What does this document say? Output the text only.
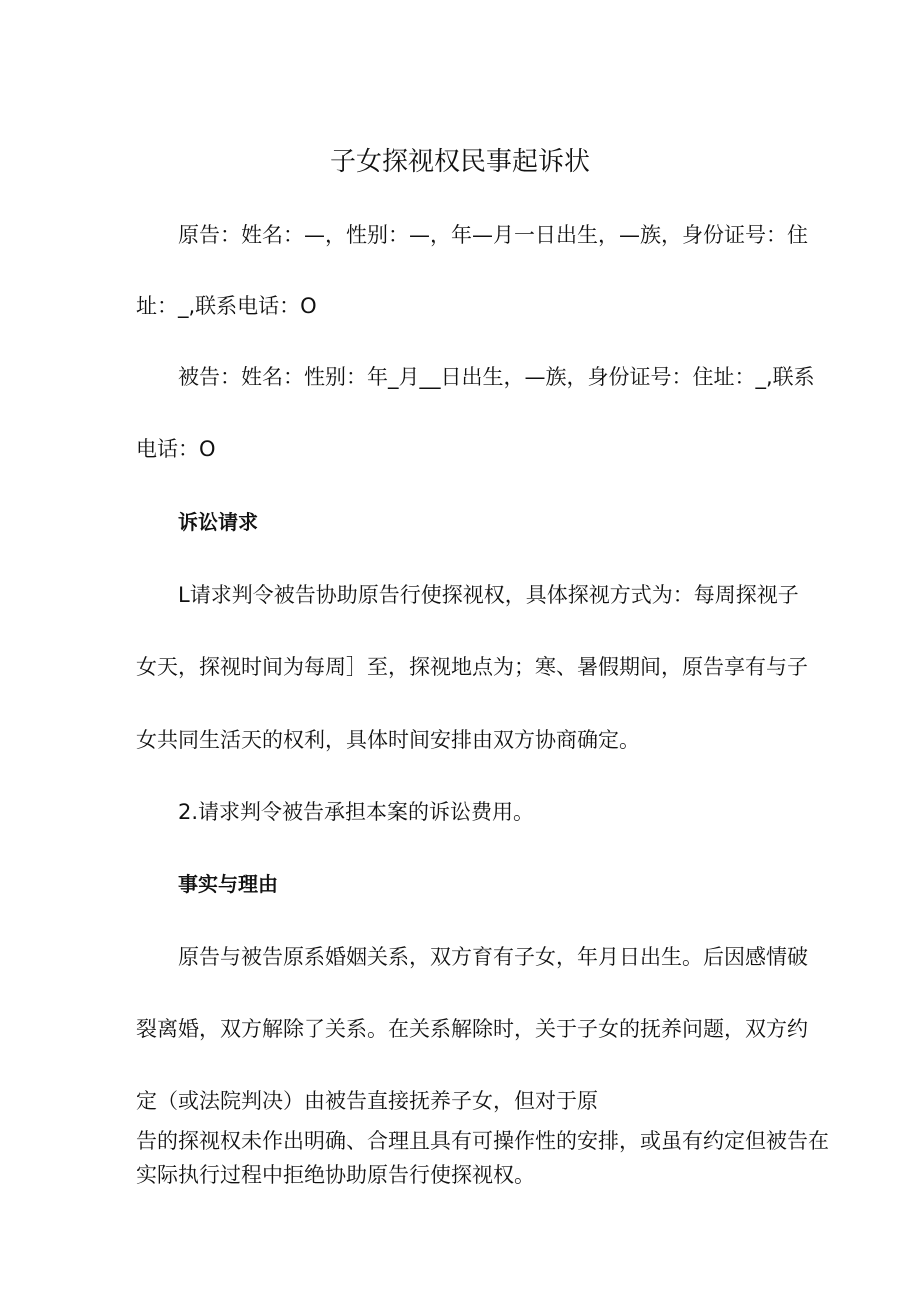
子女探视权民事起诉状
原告：姓名：—，性别：—，年—月一日出生，—族，身份证号：住
址：_,联系电话：O
被告：姓名：性别：年_月__日出生，—族，身份证号：住址：_,联系
电话：O
诉讼请求
L请求判令被告协助原告行使探视权，具体探视方式为：每周探视子
女天，探视时间为每周］至，探视地点为；寒、暑假期间，原告享有与子
女共同生活天的权利，具体时间安排由双方协商确定。
2.请求判令被告承担本案的诉讼费用。
事实与理由
原告与被告原系婚姻关系，双方育有子女，年月日出生。后因感情破
裂离婚，双方解除了关系。在关系解除时，关于子女的抚养问题，双方约
定（或法院判决）由被告直接抚养子女，但对于原
告的探视权未作出明确、合理且具有可操作性的安排，或虽有约定但被告在
实际执行过程中拒绝协助原告行使探视权。
